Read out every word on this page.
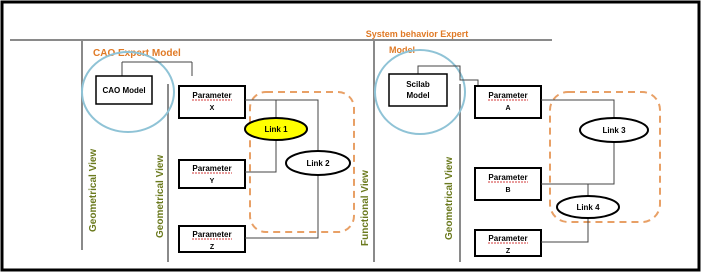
CAO Expert Model
Geometrical View	Geometrical View
CAO Model
Parameter
X
Parameter
Y
Parameter
Z
Link 1
Link 2
System behavior Expert
Model
Functional View	Geometrical View
Scilab
Model	Parameter
A
Parameter
B
Parameter
Z
Link 3
Link 4
